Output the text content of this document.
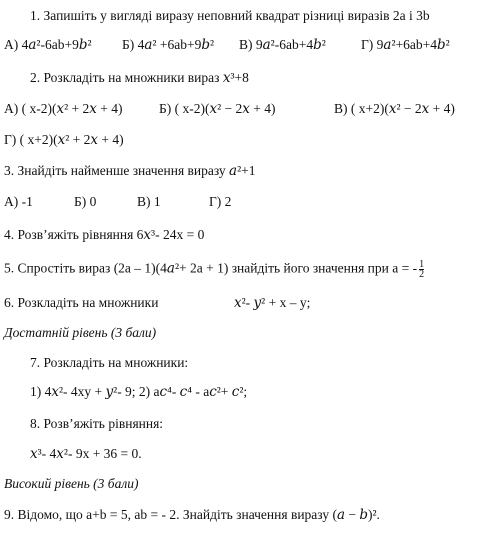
1. Запишіть у вигляді виразу неповний квадрат різниці виразів 2а і 3b
А) 4𝑎²-6ab+9𝑏²	Б) 4𝑎² +6ab+9𝑏²	В) 9𝑎²-6ab+4𝑏²	Г) 9𝑎²+6ab+4𝑏²
2. Розкладіть на множники вираз 𝑥³+8
А) ( x-2)(𝑥² + 2𝑥 + 4)	Б) ( x-2)(𝑥² − 2𝑥 + 4)	В) ( x+2)(𝑥² − 2𝑥 + 4)
Г) ( x+2)(𝑥² + 2𝑥 + 4)
3. Знайдіть найменше значення виразу 𝑎²+1
А) -1	Б) 0	В) 1	Г) 2
4. Розв’яжіть рівняння 6𝑥³- 24x = 0
5. Спростіть вираз (2a – 1)(4𝑎²+ 2a + 1) знайдіть його значення при a = - $\frac{1}{2}$
6. Розкладіть на множники	𝑥²- 𝑦² + x – y;
Достатній рівень (3 бали)
7. Розкладіть на множники:
1) 4𝑥²- 4xy + 𝑦²- 9; 2) a𝑐⁴- 𝑐⁴ - a𝑐²+ 𝑐²;
8. Розв’яжіть рівняння:
𝑥³- 4𝑥²- 9x + 36 = 0.
Високий рівень (3 бали)
9. Відомо, що a+b = 5, ab = - 2. Знайдіть значення виразу (𝑎 − 𝑏)².
